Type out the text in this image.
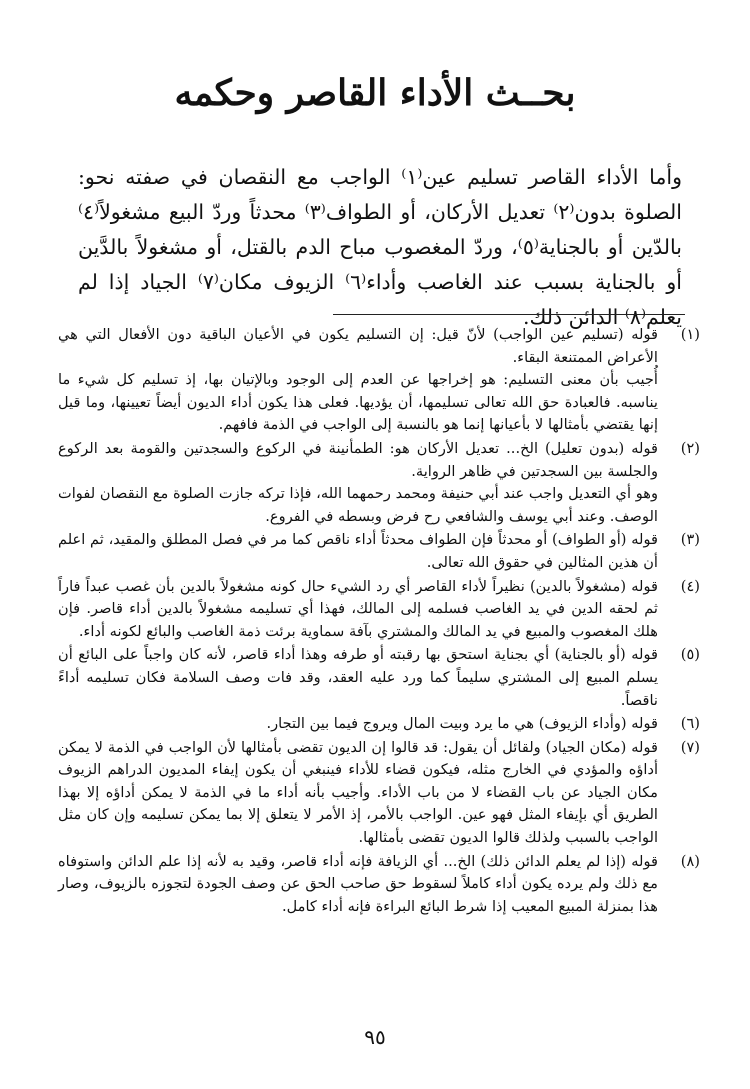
بحــث الأداء القاصر وحكمه
وأما الأداء القاصر تسليم عين⁽١⁾ الواجب مع النقصان في صفته نحو: الصلوة بدون⁽٢⁾ تعديل الأركان، أو الطواف⁽٣⁾ محدثاً وردّ البيع مشغولاً⁽٤⁾ بالدّين أو بالجناية⁽٥⁾، وردّ المغصوب مباح الدم بالقتل، أو مشغولاً بالدَّين أو بالجناية بسبب عند الغاصب وأداء⁽٦⁾ الزيوف مكان⁽٧⁾ الجياد إذا لم يعلم⁽٨⁾ الدائن ذلك.
(١)

قوله (تسليم عين الواجب) لأنّ قيل: إن التسليم يكون في الأعيان الباقية دون الأفعال التي هي الأعراض الممتنعة البقاء.

أُجيب بأن معنى التسليم: هو إخراجها عن العدم إلى الوجود وبالإتيان بها، إذ تسليم كل شيء ما يناسبه. فالعبادة حق الله تعالى تسليمها، أن يؤديها. فعلى هذا يكون أداء الديون أيضاً تعيينها، وما قيل إنها يقتضي بأمثالها لا بأعيانها إنما هو بالنسبة إلى الواجب في الذمة فافهم.

(٢)

قوله (بدون تعليل) الخ... تعديل الأركان هو: الطمأنينة في الركوع والسجدتين والقومة بعد الركوع والجلسة بين السجدتين في ظاهر الرواية.

وهو أي التعديل واجب عند أبي حنيفة ومحمد رحمهما الله، فإذا تركه جازت الصلوة مع النقصان لفوات الوصف. وعند أبي يوسف والشافعي رح فرض وبسطه في الفروع.

(٣)

قوله (أو الطواف) أو محدثاً فإن الطواف محدثاً أداء ناقص كما مر في فصل المطلق والمقيد، ثم اعلم أن هذين المثالين في حقوق الله تعالى.

(٤)

قوله (مشغولاً بالدين) نظيراً لأداء القاصر أي رد الشيء حال كونه مشغولاً بالدين بأن غصب عبداً فاراً ثم لحقه الدين في يد الغاصب فسلمه إلى المالك، فهذا أي تسليمه مشغولاً بالدين أداء قاصر. فإن هلك المغصوب والمبيع في يد المالك والمشتري بآفة سماوية برئت ذمة الغاصب والبائع لكونه أداء.

(٥)

قوله (أو بالجناية) أي بجناية استحق بها رقبته أو طرفه وهذا أداء قاصر، لأنه كان واجباً على البائع أن يسلم المبيع إلى المشتري سليماً كما ورد عليه العقد، وقد فات وصف السلامة فكان تسليمه أداءً ناقصاً.

(٦)

قوله (وأداء الزيوف) هي ما يرد وبيت المال ويروج فيما بين التجار.

(٧)

قوله (مكان الجياد) ولقائل أن يقول: قد قالوا إن الديون تقضى بأمثالها لأن الواجب في الذمة لا يمكن أداؤه والمؤدي في الخارج مثله، فيكون قضاء للأداء فينبغي أن يكون إيفاء المديون الدراهم الزيوف مكان الجياد عن باب القضاء لا من باب الأداء. وأجيب بأنه أداء ما في الذمة لا يمكن أداؤه إلا بهذا الطريق أي بإيفاء المثل فهو عين. الواجب بالأمر، إذ الأمر لا يتعلق إلا بما يمكن تسليمه وإن كان مثل الواجب بالسبب ولذلك قالوا الديون تقضى بأمثالها.

(٨)

قوله (إذا لم يعلم الدائن ذلك) الخ... أي الزيافة فإنه أداء قاصر، وقيد به لأنه إذا علم الدائن واستوفاه مع ذلك ولم يرده يكون أداء كاملاً لسقوط حق صاحب الحق عن وصف الجودة لتجوزه بالزيوف، وصار هذا بمنزلة المبيع المعيب إذا شرط البائع البراءة فإنه أداء كامل.

٩٥
